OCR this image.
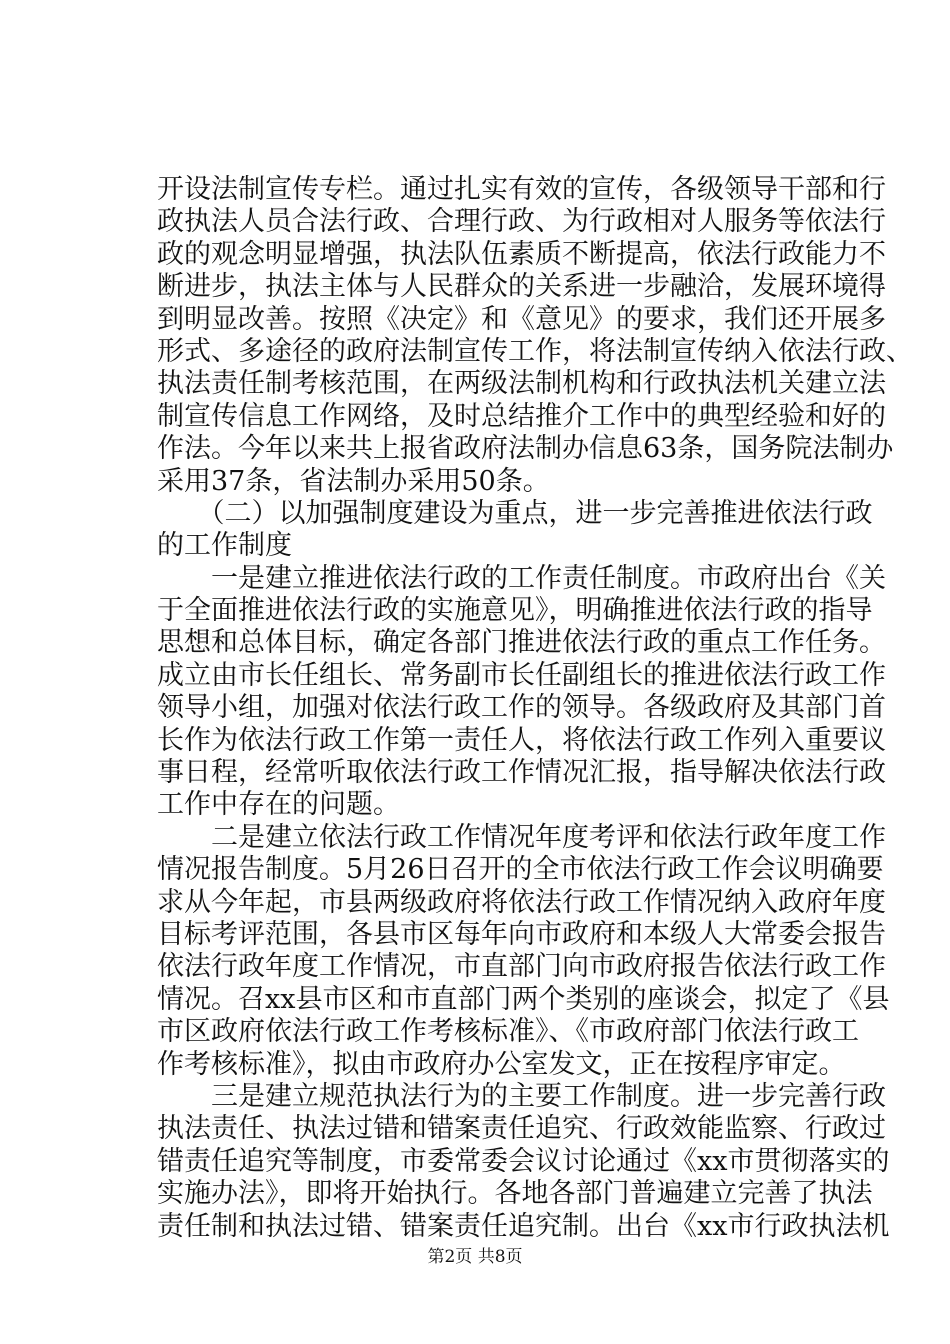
开设法制宣传专栏。通过扎实有效的宣传，各级领导干部和行
政执法人员合法行政、合理行政、为行政相对人服务等依法行
政的观念明显增强，执法队伍素质不断提高，依法行政能力不
断进步，执法主体与人民群众的关系进一步融洽，发展环境得
到明显改善。按照《决定》和《意见》的要求，我们还开展多
形式、多途径的政府法制宣传工作，将法制宣传纳入依法行政、
执法责任制考核范围，在两级法制机构和行政执法机关建立法
制宣传信息工作网络，及时总结推介工作中的典型经验和好的
作法。今年以来共上报省政府法制办信息63条，国务院法制办
采用37条，省法制办采用50条。
　　（二）以加强制度建设为重点，进一步完善推进依法行政
的工作制度
　　一是建立推进依法行政的工作责任制度。市政府出台《关
于全面推进依法行政的实施意见》，明确推进依法行政的指导
思想和总体目标，确定各部门推进依法行政的重点工作任务。
成立由市长任组长、常务副市长任副组长的推进依法行政工作
领导小组，加强对依法行政工作的领导。各级政府及其部门首
长作为依法行政工作第一责任人，将依法行政工作列入重要议
事日程，经常听取依法行政工作情况汇报，指导解决依法行政
工作中存在的问题。
　　二是建立依法行政工作情况年度考评和依法行政年度工作
情况报告制度。5月26日召开的全市依法行政工作会议明确要
求从今年起，市县两级政府将依法行政工作情况纳入政府年度
目标考评范围，各县市区每年向市政府和本级人大常委会报告
依法行政年度工作情况，市直部门向市政府报告依法行政工作
情况。召xx县市区和市直部门两个类别的座谈会，拟定了《县
市区政府依法行政工作考核标准》、《市政府部门依法行政工
作考核标准》，拟由市政府办公室发文，正在按程序审定。
　　三是建立规范执法行为的主要工作制度。进一步完善行政
执法责任、执法过错和错案责任追究、行政效能监察、行政过
错责任追究等制度，市委常委会议讨论通过《xx市贯彻落实的
实施办法》，即将开始执行。各地各部门普遍建立完善了执法
责任制和执法过错、错案责任追究制。出台《xx市行政执法机
第2页 共8页
